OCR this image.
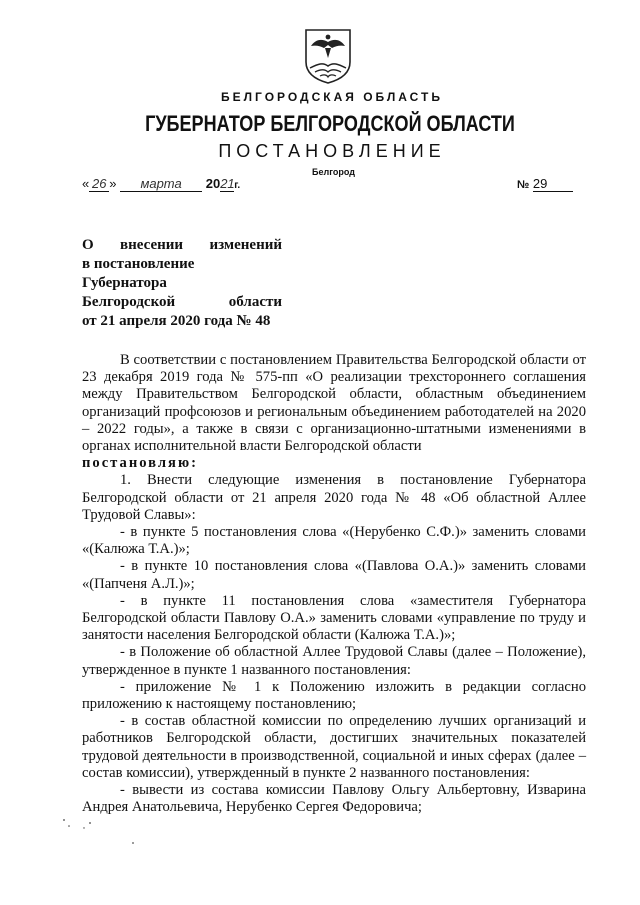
БЕЛГОРОДСКАЯ ОБЛАСТЬ
ГУБЕРНАТОР БЕЛГОРОДСКОЙ ОБЛАСТИ
ПОСТАНОВЛЕНИЕ
Белгород
« 26 » марта 2021г.	№ 29
О внесении изменений
в постановление Губернатора
Белгородской	области
от 21 апреля 2020 года № 48

В соответствии с постановлением Правительства Белгородской области от 23 декабря 2019 года № 575-пп «О реализации трехстороннего соглашения между Правительством Белгородской области, областным объединением организаций профсоюзов и региональным объединением работодателей на 2020 – 2022 годы», а также в связи с организационно-штатными изменениями в органах исполнительной власти Белгородской области
постановляю:

1. Внести следующие изменения в постановление Губернатора Белгородской области от 21 апреля 2020 года № 48 «Об областной Аллее Трудовой Славы»:

- в пункте 5 постановления слова «(Нерубенко С.Ф.)» заменить словами «(Калюжа Т.А.)»;

- в пункте 10 постановления слова «(Павлова О.А.)» заменить словами «(Папченя А.Л.)»;

- в пункте 11 постановления слова «заместителя Губернатора Белгородской области Павлову О.А.» заменить словами «управление по труду и занятости населения Белгородской области (Калюжа Т.А.)»;

- в Положение об областной Аллее Трудовой Славы (далее – Положение), утвержденное в пункте 1 названного постановления:

- приложение № 1 к Положению изложить в редакции согласно приложению к настоящему постановлению;

- в состав областной комиссии по определению лучших организаций и работников Белгородской области, достигших значительных показателей трудовой деятельности в производственной, социальной и иных сферах (далее – состав комиссии), утвержденный в пункте 2 названного постановления:

- вывести из состава комиссии Павлову Ольгу Альбертовну, Изварина Андрея Анатольевича, Нерубенко Сергея Федоровича;
